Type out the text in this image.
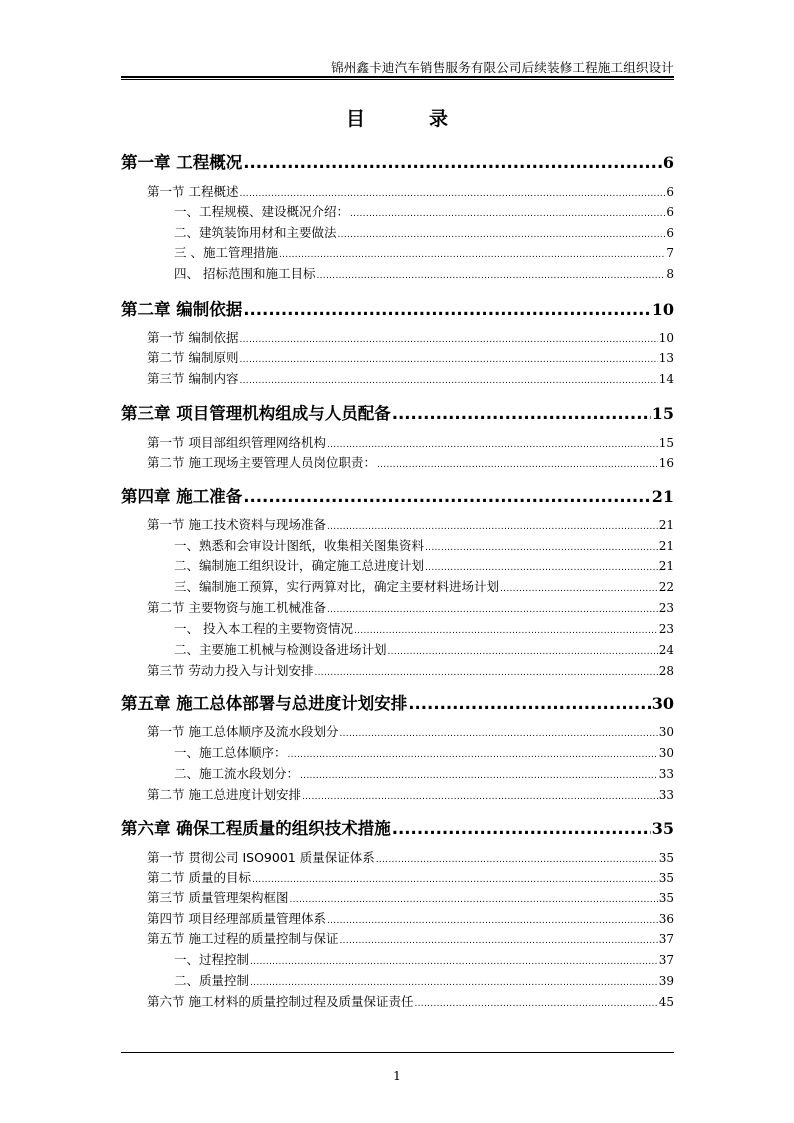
锦州鑫卡迪汽车销售服务有限公司后续装修工程施工组织设计
目	录
第一章 工程概况 .....	6
第一节 工程概述 .....	6
一、工程规模、建设概况介绍： .....	6
二、建筑装饰用材和主要做法 .....	6
三 、施工管理措施 .....	7
四、 招标范围和施工目标 .....	8
第二章 编制依据 .....	10
第一节 编制依据 .....	10
第二节 编制原则 .....	13
第三节 编制内容 .....	14
第三章 项目管理机构组成与人员配备 .....	15
第一节 项目部组织管理网络机构 .....	15
第二节 施工现场主要管理人员岗位职责： .....	16
第四章 施工准备 .....	21
第一节 施工技术资料与现场准备 .....	21
一、熟悉和会审设计图纸，收集相关图集资料 .....	21
二、编制施工组织设计，确定施工总进度计划 .....	21
三、编制施工预算，实行两算对比，确定主要材料进场计划 .....	22
第二节 主要物资与施工机械准备 .....	23
一、 投入本工程的主要物资情况 .....	23
二、主要施工机械与检测设备进场计划 .....	24
第三节 劳动力投入与计划安排 .....	28
第五章 施工总体部署与总进度计划安排 .....	30
第一节 施工总体顺序及流水段划分 .....	30
一、施工总体顺序： .....	30
二、施工流水段划分： .....	33
第二节 施工总进度计划安排 .....	33
第六章 确保工程质量的组织技术措施 .....	35
第一节 贯彻公司 ISO9001 质量保证体系 .....	35
第二节 质量的目标 .....	35
第三节 质量管理架构框图 .....	35
第四节 项目经理部质量管理体系 .....	36
第五节 施工过程的质量控制与保证 .....	37
一、过程控制 .....	37
二、质量控制 .....	39
第六节 施工材料的质量控制过程及质量保证责任 .....	45
1
